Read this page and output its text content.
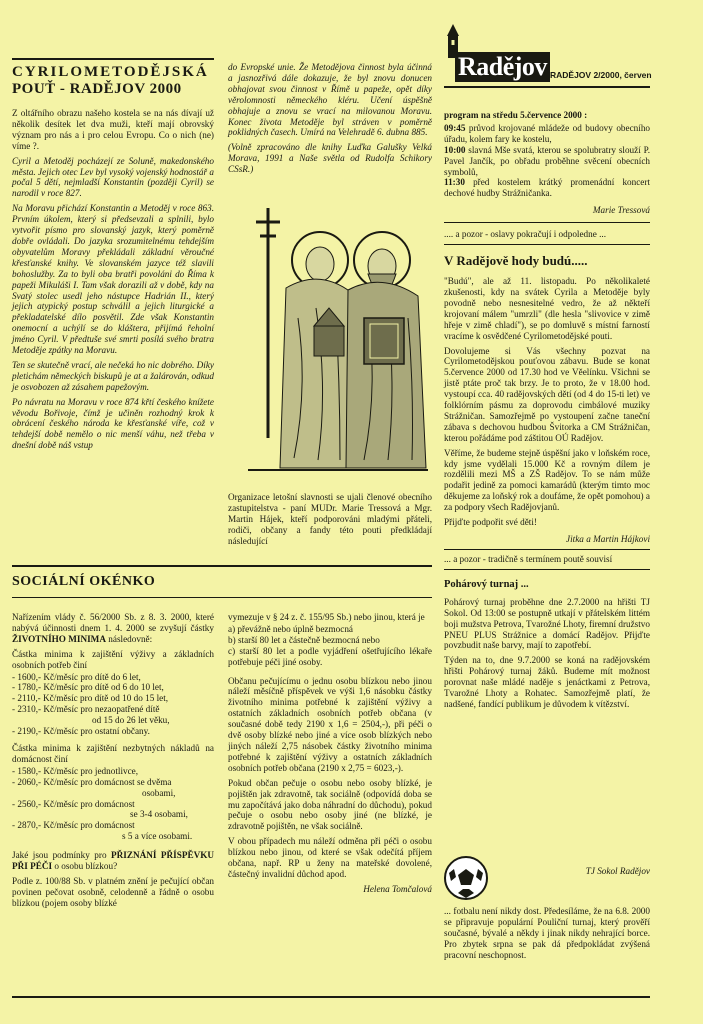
Radějov RADĚJOV 2/2000, červen
CYRILOMETODĚJSKÁ
POUŤ - RADĚJOV 2000

Z oltářního obrazu našeho kostela se na nás dívají už několik desítek let dva muži, kteří mají obrovský význam pro nás a i pro celou Evropu. Co o nich (ne) víme ?.

Cyril a Metoděj pocházejí ze Soluně, makedonského města. Jejich otec Lev byl vysoký vojenský hodnostář a počal 5 dětí, nejmladší Konstantin (později Cyril) se narodil v roce 827.

Na Moravu přichází Konstantin a Metoděj v roce 863. Prvním úkolem, který si předsevzali a splnili, bylo vytvořit písmo pro slovanský jazyk, který poměrně dobře ovládali. Do jazyka srozumitelnému tehdejším obyvatelům Moravy překládali základní věroučné křesťanské knihy. Ve slovanském jazyce též slavili bohoslužby. Za to byli oba bratři povoláni do Říma k papeži Mikuláši I. Tam však dorazili až v době, kdy na Svatý stolec usedl jeho nástupce Hadrián II., který jejich atypický postup schválil a jejich liturgické a překladatelské dílo posvětil. Zde však Konstantin onemocní a uchýlí se do kláštera, přijímá řeholní jméno Cyril. V předtuše své smrti posílá svého bratra Metoděje zpátky na Moravu.

Ten se skutečně vrací, ale nečeká ho nic dobrého. Díky pletichám německých biskupů je at a žalárován, odkud je osvobozen až zásahem papežovým.

Po návratu na Moravu v roce 874 křtí českého knížete věvodu Bořivoje, čímž je učiněn rozhodný krok k obrácení českého národa ke křesťanské víře, což v tehdejší době nemělo o nic menší váhu, než třeba v dnešní době náš vstup

do Evropské unie. Že Metodějova činnost byla účinná a jasnozřivá dále dokazuje, že byl znovu donucen obhajovat svou činnost v Římě u papeže, opět díky věrolomnosti německého kléru. Učení úspěšně obhajuje a znovu se vrací na milovanou Moravu. Konec života Metoděje byl stráven v poměrně poklidných časech. Umírá na Velehradě 6. dubna 885.

(Volně zpracováno dle knihy Luďka Galušky Velká Morava, 1991 a Naše světla od Rudolfa Schikory CSsR.)

Organizace letošní slavnosti se ujali členové obecního zastupitelstva - paní MUDr. Marie Tressová a Mgr. Martin Hájek, kteří podporováni mladými přáteli, rodiči, občany a fandy této pouti předkládají následující

program na středu 5.července 2000 :

09:45 průvod krojované mládeže od budovy obecního úřadu, kolem fary ke kostelu,

10:00 slavná Mše svatá, kterou se spolubratry slouží P. Pavel Jančík, po obřadu proběhne svěcení obecních symbolů,

11:30 před kostelem krátký promenádní koncert dechové hudby Strážničanka.

Marie Tressová

.... a pozor - oslavy pokračují i odpoledne ...

V Radějově hody budú.....

"Budú", ale až 11. listopadu. Po několikaleté zkušenosti, kdy na svátek Cyrila a Metoděje byly povodně nebo nesnesitelné vedro, že až někteří krojovaní málem "umrzli" (dle hesla "slivovice v zimě hřeje v zimě chladí"), se po domluvě s místní farností vracíme k osvědčené Cyrilometodějské pouti.

Dovolujeme si Vás všechny pozvat na Cyrilometodějskou pouťovou zábavu. Bude se konat 5.července 2000 od 17.30 hod ve Věelínku. Všichni se jistě ptáte proč tak brzy. Je to proto, že v 18.00 hod. vystoupí cca. 40 radějovských dětí (od 4 do 15-ti let) ve folklórním pásmu za doprovodu cimbálové muziky Strážničan. Samozřejmě po vystoupení začne taneční zábava s dechovou hudbou Švitorka a CM Strážničan, kterou pořádáme pod záštitou OÚ Radějov.

Věříme, že budeme stejně úspěšní jako v loňském roce, kdy jsme vydělali 15.000 Kč a rovným dílem je rozdělili mezi MŠ a ZŠ Radějov. To se nám může podařit jedině za pomoci kamarádů (kterým timto moc děkujeme za loňský rok a doufáme, že opět pomohou) a za podpory všech Radějovjanů.

Přijďte podpořit své děti!

Jitka a Martin Hájkovi

... a pozor - tradičně s termínem poutě souvisí

Pohárový turnaj ...

Pohárový turnaj proběhne dne 2.7.2000 na hřišti TJ Sokol. Od 13:00 se postupně utkají v přátelském littém boji mužstva Petrova, Tvarožné Lhoty, firemní družstvo PNEU PLUS Strážnice a domácí Radějov. Přijďte povzbudit naše barvy, mají to zapotřebí.

Týden na to, dne 9.7.2000 se koná na radějovském hřišti Pohárový turnaj žáků. Budeme mít možnost porovnat naše mládé naděje s jenáctkami z Petrova, Tvarožné Lhoty a Rohatec. Samozřejmě platí, že nadšené, fandící publikum je důvodem k vítězství.

TJ Sokol Radějov

... fotbalu není nikdy dost. Předesíláme, že na 6.8. 2000 se připravuje populární Pouliční turnaj, který prověří současné, bývalé a někdy i jinak nikdy nehrající borce. Pro zbytek srpna se pak dá předpokládat zvýšená pracovní neschopnost.

SOCIÁLNÍ OKÉNKO

Nařízením vlády č. 56/2000 Sb. z 8. 3. 2000, které nabývá účinnosti dnem 1. 4. 2000 se zvyšují částky ŽIVOTNÍHO MINIMA následovně:

Částka minima k zajištění výživy a základních osobních potřeb činí

- 1600,- Kč/měsíc pro dítě do 6 let,
- 1780,- Kč/měsíc pro dítě od 6 do 10 let,
- 2110,- Kč/měsíc pro dítě od 10 do 15 let,
- 2310,- Kč/měsíc pro nezaopatřené dítě
od 15 do 26 let věku,
- 2190,- Kč/měsíc pro ostatní občany.

Částka minima k zajištění nezbytných nákladů na domácnost činí

- 1580,- Kč/měsíc pro jednotlivce,
- 2060,- Kč/měsíc pro domácnost se dvěma
osobami,
- 2560,- Kč/měsíc pro domácnost
se 3-4 osobami,
- 2870,- Kč/měsíc pro domácnost
s 5 a více osobami.

Jaké jsou podmínky pro PŘIZNÁNÍ PŘÍSPĚVKU PŘI PÉČI o osobu blízkou?

Podle z. 100/88 Sb. v platném znění je pečující občan povinen pečovat osobně, celodenně a řádně o osobu blízkou (pojem osoby blízké

vymezuje v § 24 z. č. 155/95 Sb.) nebo jinou, která je

a) převážně nebo úplně bezmocná
b) starší 80 let a částečně bezmocná nebo
c) starší 80 let a podle vyjádření ošetřujícího lékaře potřebuje péči jiné osoby.

Občanu pečujícímu o jednu osobu blízkou nebo jinou náleží měsíčně příspěvek ve výši 1,6 násobku částky životního minima potřebné k zajištění výživy a ostatních základních osobních potřeb občana (v současné době tedy 2190 x 1,6 = 2504,-), při péči o dvě osoby blízké nebo jiné a více osob blízkých nebo jiných náleží 2,75 násobek částky životního minima potřebné k zajištění výživy a ostatních základních osobních potřeb občana (2190 x 2,75 = 6023,-).

Pokud občan pečuje o osobu nebo osoby blízké, je pojištěn jak zdravotně, tak sociálně (odpovídá doba se mu započítává jako doba náhradní do důchodu), pokud pečuje o osobu nebo osoby jiné (ne blízké, je zdravotně pojištěn, ne však sociálně.

V obou případech mu náleží odměna při péči o osobu blízkou nebo jinou, od které se však odečítá příjem občana, např. RP u ženy na mateřské dovolené, částečný invalidní důchod apod.

Helena Tomčalová
